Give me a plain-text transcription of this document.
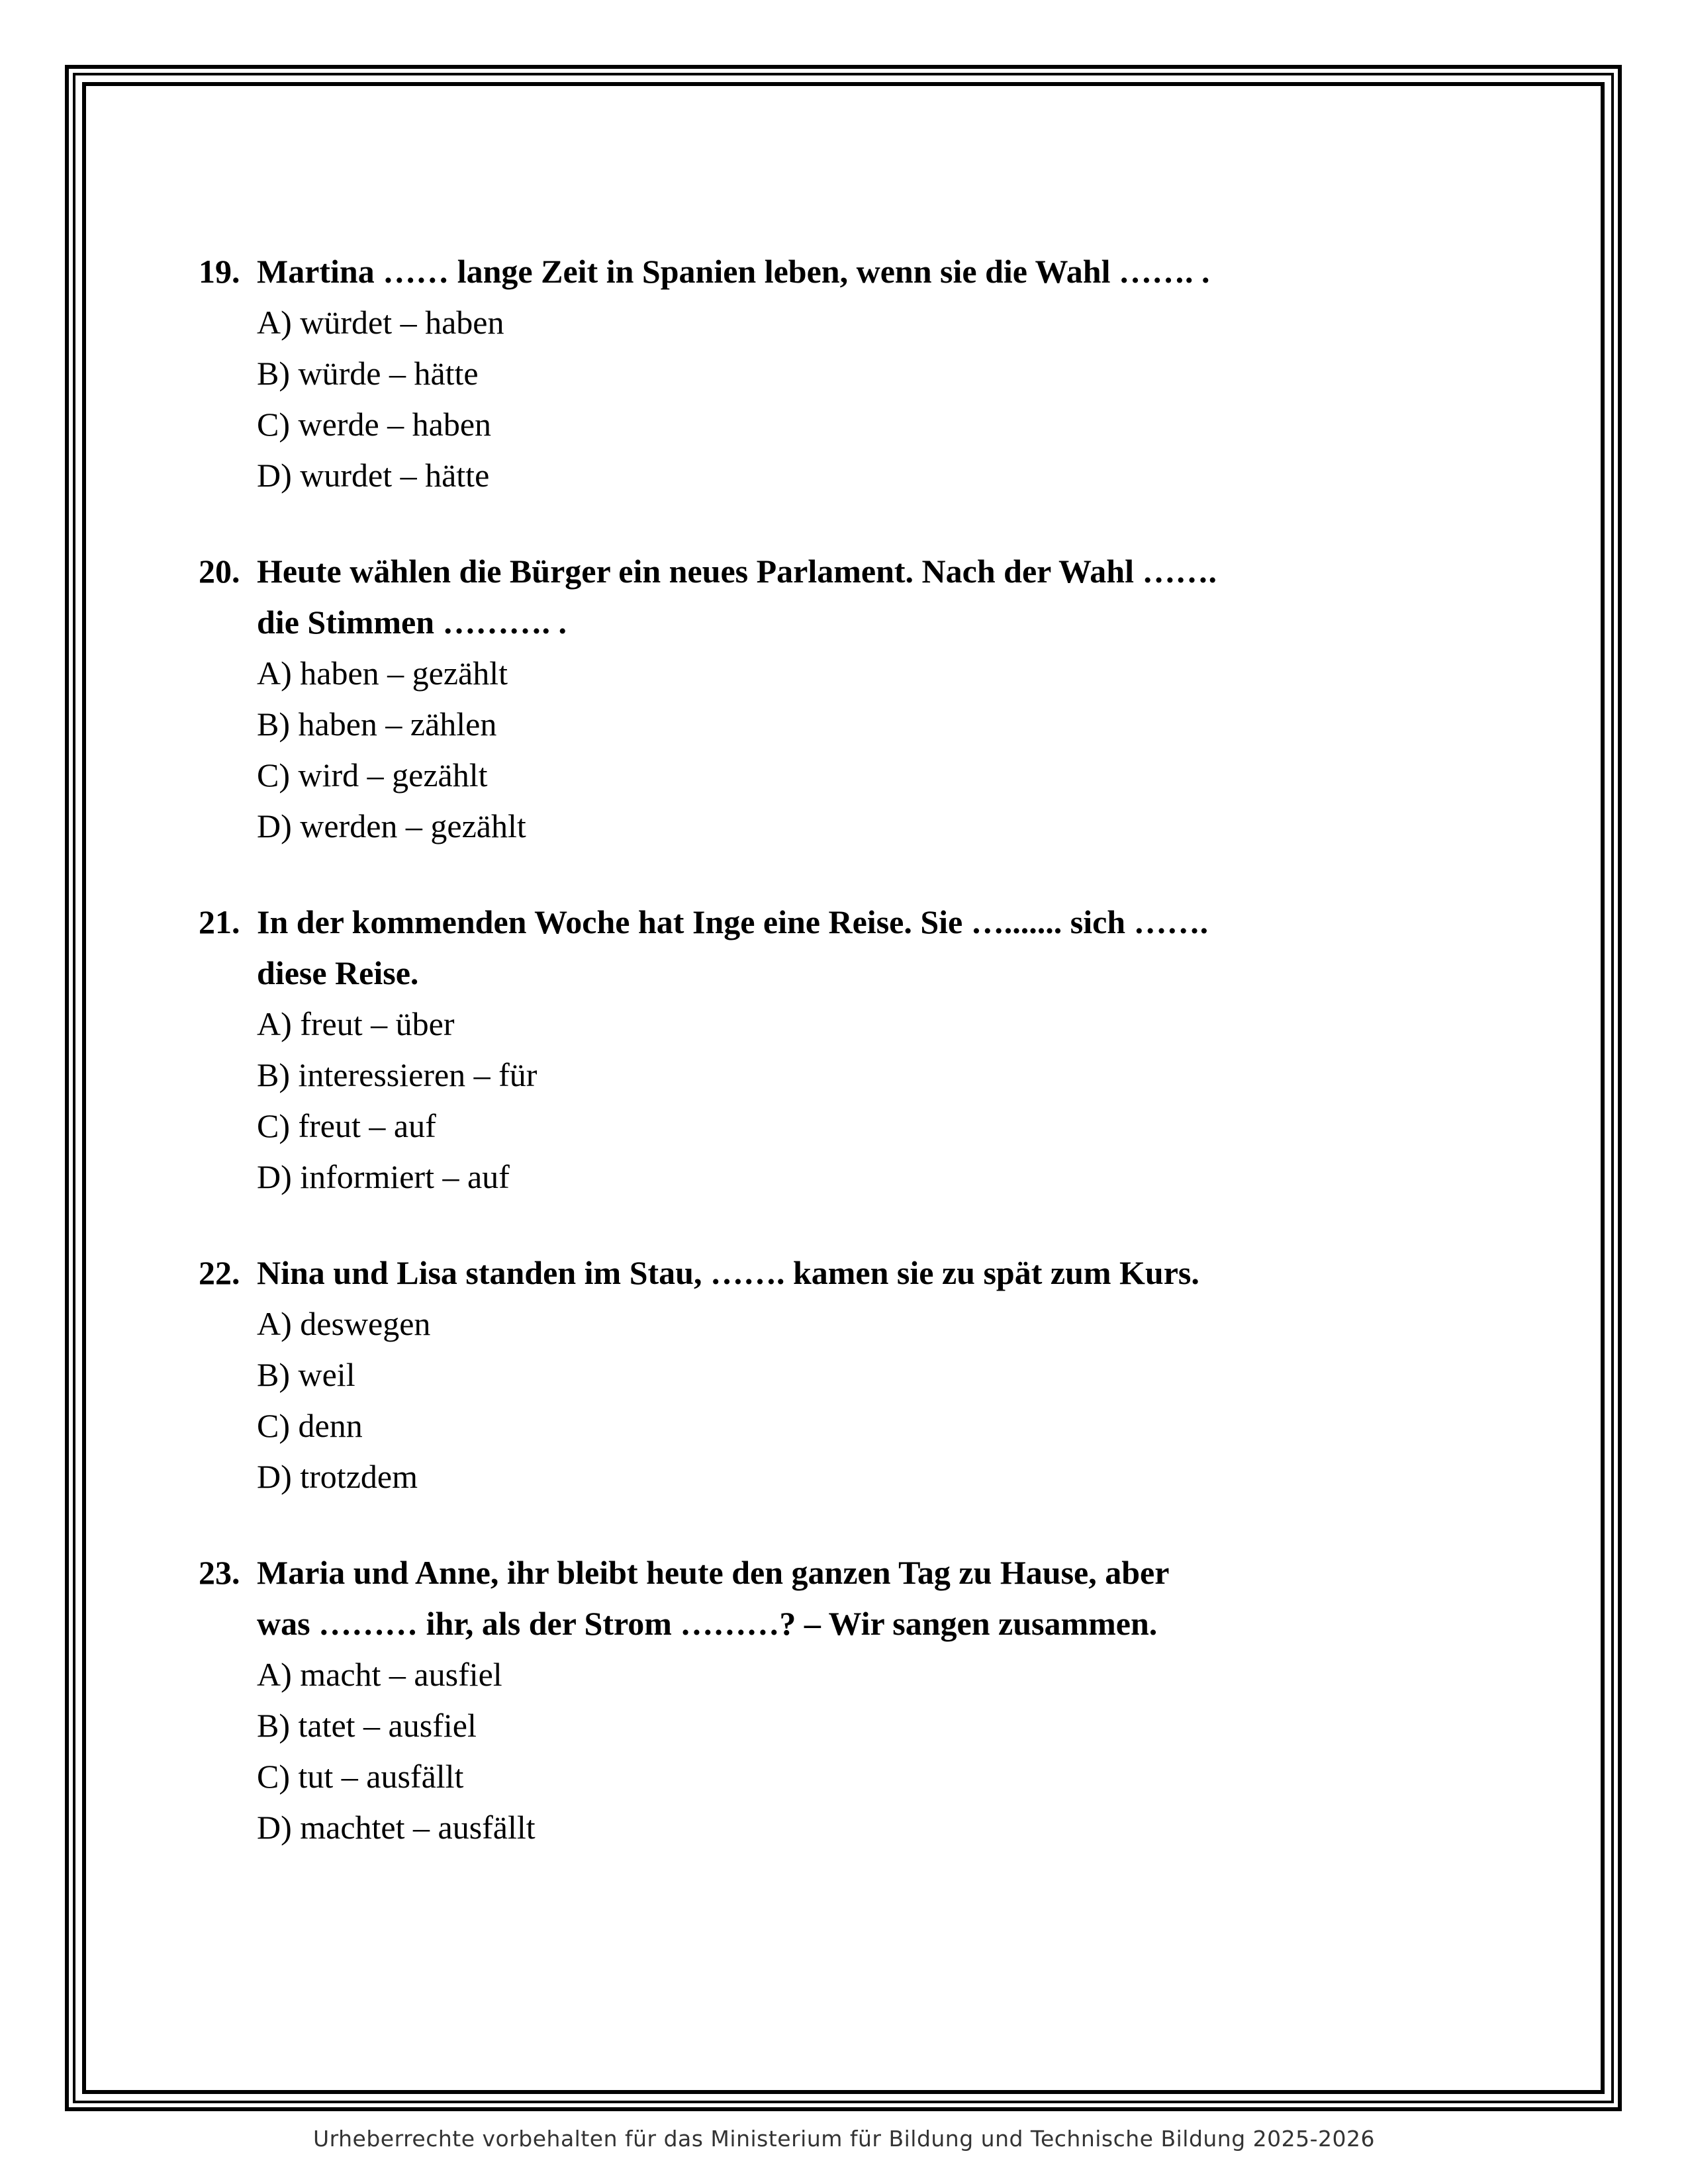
19. Martina …… lange Zeit in Spanien leben, wenn sie die Wahl ……. .
A) würdet – haben
B) würde – hätte
C) werde – haben
D) wurdet – hätte
20. Heute wählen die Bürger ein neues Parlament. Nach der Wahl …….
die Stimmen ………. .
A) haben – gezählt
B) haben – zählen
C) wird – gezählt
D) werden – gezählt
21. In der kommenden Woche hat Inge eine Reise. Sie …....... sich …….
diese Reise.
A) freut – über
B) interessieren – für
C) freut – auf
D) informiert – auf
22. Nina und Lisa standen im Stau, ……. kamen sie zu spät zum Kurs.
A) deswegen
B) weil
C) denn
D) trotzdem
23. Maria und Anne, ihr bleibt heute den ganzen Tag zu Hause, aber
was ……… ihr, als der Strom ………? – Wir sangen zusammen.
A) macht – ausfiel
B) tatet – ausfiel
C) tut – ausfällt
D) machtet – ausfällt
Urheberrechte vorbehalten für das Ministerium für Bildung und Technische Bildung 2025-2026
